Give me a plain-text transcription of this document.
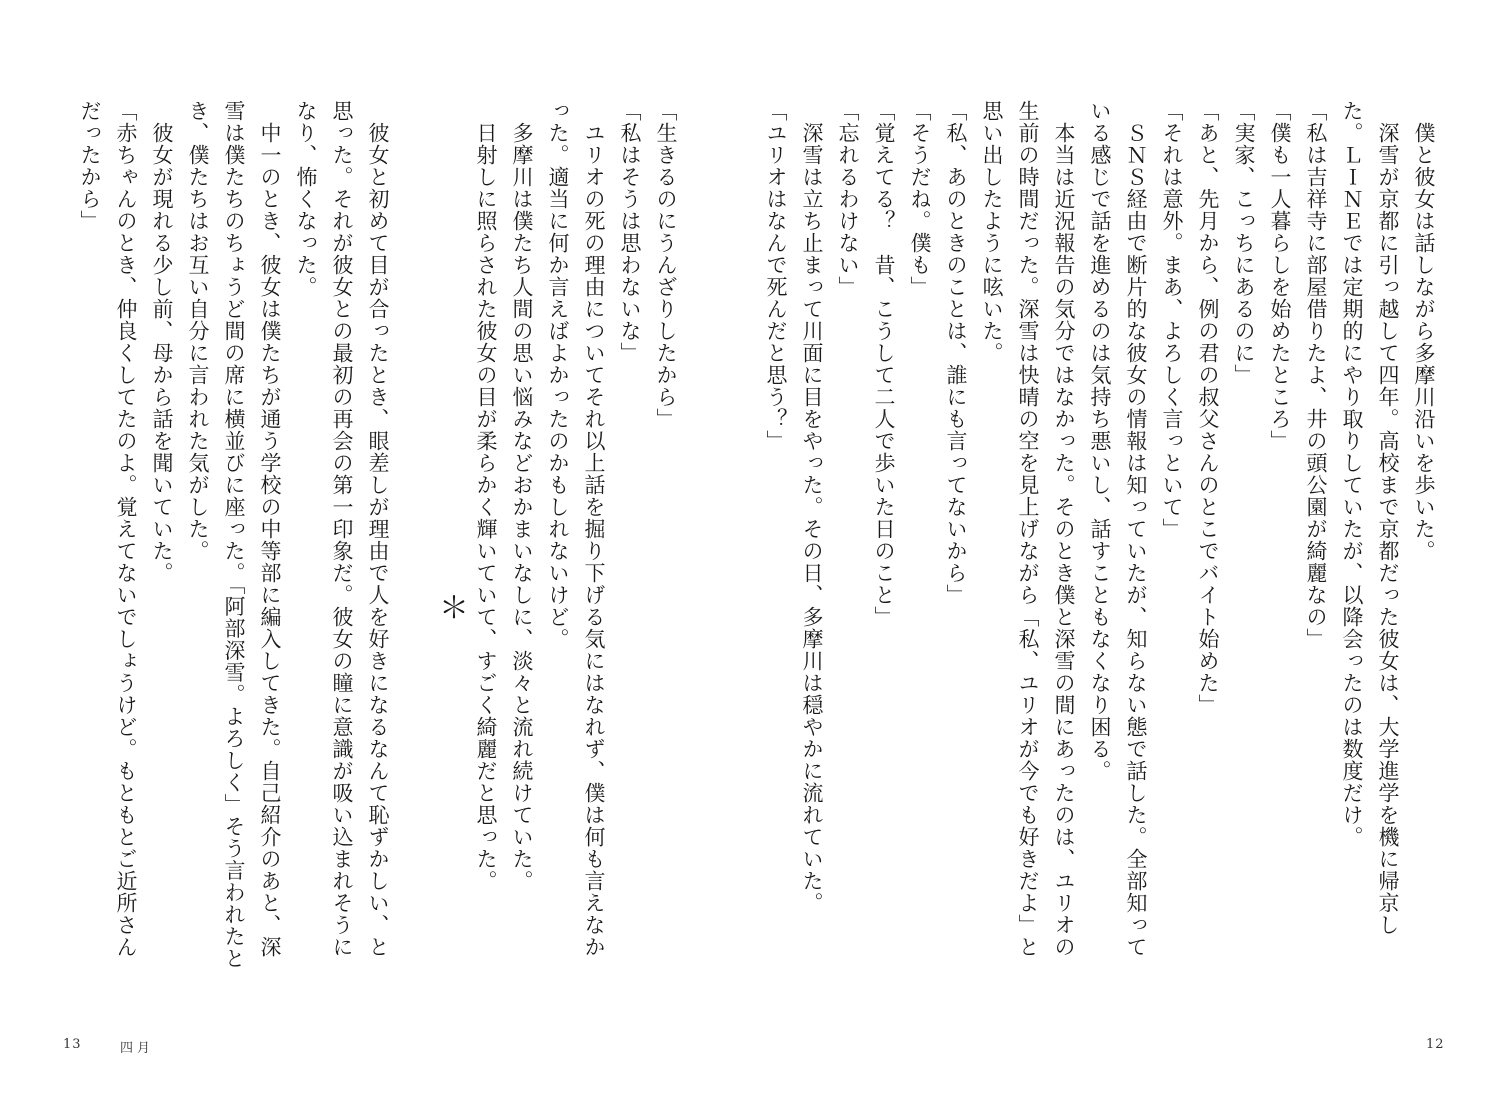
　僕と彼女は話しながら多摩川沿いを歩いた。

　深雪が京都に引っ越して四年。高校まで京都だった彼女は、大学進学を機に帰京した。ＬＩＮＥでは定期的にやり取りしていたが、以降会ったのは数度だけ。

「私は吉祥寺に部屋借りたよ、井の頭公園が綺麗なの」

「僕も一人暮らしを始めたところ」

「実家、こっちにあるのに」

「あと、先月から、例の君の叔父さんのとこでバイト始めた」

「それは意外。まあ、よろしく言っといて」

　ＳＮＳ経由で断片的な彼女の情報は知っていたが、知らない態で話した。全部知っている感じで話を進めるのは気持ち悪いし、話すこともなくなり困る。

　本当は近況報告の気分ではなかった。そのとき僕と深雪の間にあったのは、ユリオの生前の時間だった。深雪は快晴の空を見上げながら「私、ユリオが今でも好きだよ」と思い出したように呟いた。

「私、あのときのことは、誰にも言ってないから」

「そうだね。僕も」

「覚えてる？　昔、こうして二人で歩いた日のこと」

「忘れるわけない」

　深雪は立ち止まって川面に目をやった。その日、多摩川は穏やかに流れていた。

「ユリオはなんで死んだと思う？」

12

「生きるのにうんざりしたから」

「私はそうは思わないな」

　ユリオの死の理由についてそれ以上話を掘り下げる気にはなれず、僕は何も言えなかった。適当に何か言えばよかったのかもしれないけど。

　多摩川は僕たち人間の思い悩みなどおかまいなしに、淡々と流れ続けていた。

　日射しに照らされた彼女の目が柔らかく輝いていて、すごく綺麗だと思った。

＊

　彼女と初めて目が合ったとき、眼差しが理由で人を好きになるなんて恥ずかしい、と思った。それが彼女との最初の再会の第一印象だ。彼女の瞳に意識が吸い込まれそうになり、怖くなった。

　中一のとき、彼女は僕たちが通う学校の中等部に編入してきた。自己紹介のあと、深雪は僕たちのちょうど間の席に横並びに座った。「阿部深雪。よろしく」そう言われたとき、僕たちはお互い自分に言われた気がした。

　彼女が現れる少し前、母から話を聞いていた。

「赤ちゃんのとき、仲良くしてたのよ。覚えてないでしょうけど。もともとご近所さんだったから」

13	四月
